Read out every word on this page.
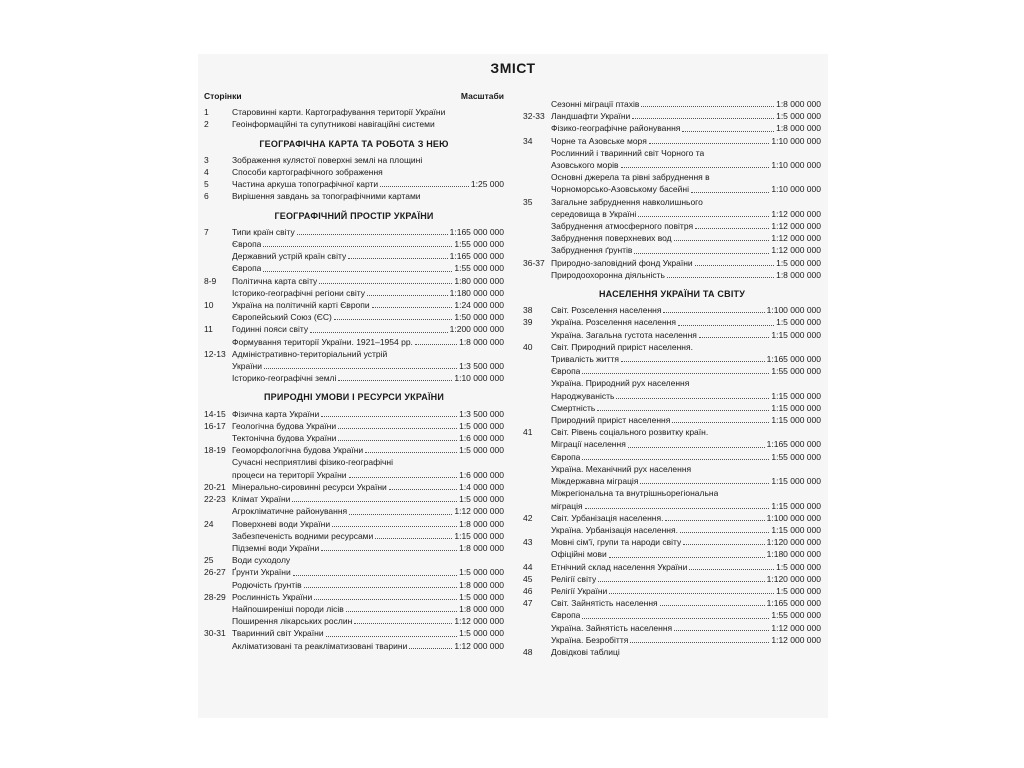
ЗМІСТ
Сторінки	Масштаби
1	Старовинні карти. Картографування території України
2	Геоінформаційні та супутникові навігаційні системи
ГЕОГРАФІЧНА КАРТА ТА РОБОТА З НЕЮ
3	Зображення кулястої поверхні землі на площині
4	Способи картографічного зображення
5	Частина аркуша топографічної карти	1:25 000
6	Вирішення завдань за топографічними картами
ГЕОГРАФІЧНИЙ ПРОСТІР УКРАЇНИ
7	Типи країн світу	1:165 000 000
Європа	1:55 000 000
Державний устрій країн світу	1:165 000 000
Європа	1:55 000 000
8-9	Політична карта світу	1:80 000 000
Історико-географічні регіони світу	1:180 000 000
10	Україна на політичній карті Європи	1:24 000 000
Європейський Союз (ЄС)	1:50 000 000
11	Годинні пояси світу	1:200 000 000
Формування території України. 1921–1954 рр.	1:8 000 000
12-13 Адміністративно-територіальний устрій
України	1:3 500 000
Історико-географічні землі	1:10 000 000
ПРИРОДНІ УМОВИ І РЕСУРСИ УКРАЇНИ
14-15 Фізична карта України	1:3 500 000
16-17 Геологічна будова України	1:5 000 000
Тектонічна будова України	1:6 000 000
18-19 Геоморфологічна будова України	1:5 000 000
Сучасні несприятливі фізико-географічні
процеси на території України	1:6 000 000
20-21 Мінерально-сировинні ресурси України	1:4 000 000
22-23 Клімат України	1:5 000 000
Агрокліматичне районування	1:12 000 000
24	Поверхневі води України	1:8 000 000
Забезпеченість водними ресурсами	1:15 000 000
Підземні води України	1:8 000 000
25	Води суходолу
26-27 Ґрунти України	1:5 000 000
Родючість ґрунтів	1:8 000 000
28-29 Рослинність України	1:5 000 000
Найпоширеніші породи лісів	1:8 000 000
Поширення лікарських рослин	1:12 000 000
30-31 Тваринний світ України	1:5 000 000
Акліматизовані та реакліматизовані тварини	1:12 000 000
Сезонні міграції птахів	1:8 000 000
32-33 Ландшафти України	1:5 000 000
Фізико-географічне районування	1:8 000 000
34	Чорне та Азовське моря	1:10 000 000
Рослинний і тваринний світ Чорного та
Азовського морів	1:10 000 000
Основні джерела та рівні забруднення в
Чорноморсько-Азовському басейні	1:10 000 000
35	Загальне забруднення навколишнього
середовища в Україні	1:12 000 000
Забруднення атмосферного повітря	1:12 000 000
Забруднення поверхневих вод	1:12 000 000
Забруднення ґрунтів	1:12 000 000
36-37 Природно-заповідний фонд України	1:5 000 000
Природоохоронна діяльність	1:8 000 000
НАСЕЛЕННЯ УКРАЇНИ ТА СВІТУ
38	Світ. Розселення населення	1:100 000 000
39	Україна. Розселення населення	1:5 000 000
Україна. Загальна густота населення	1:15 000 000
40	Світ. Природний приріст населення.
Тривалість життя	1:165 000 000
Європа	1:55 000 000
Україна. Природний рух населення
Народжуваність	1:15 000 000
Смертність	1:15 000 000
Природний приріст населення	1:15 000 000
41	Світ. Рівень соціального розвитку країн.
Міграції населення	1:165 000 000
Європа	1:55 000 000
Україна. Механічний рух населення
Міждержавна міграція	1:15 000 000
Міжрегіональна та внутрішньорегіональна
міграція	1:15 000 000
42	Світ. Урбанізація населення.	1:100 000 000
Україна. Урбанізація населення.	1:15 000 000
43	Мовні сім'ї, групи та народи світу	1:120 000 000
Офіційні мови	1:180 000 000
44	Етнічний склад населення України	1:5 000 000
45	Релігії світу	1:120 000 000
46	Релігії України	1:5 000 000
47	Світ. Зайнятість населення	1:165 000 000
Європа	1:55 000 000
Україна. Зайнятість населення	1:12 000 000
Україна. Безробіття	1:12 000 000
48	Довідкові таблиці
